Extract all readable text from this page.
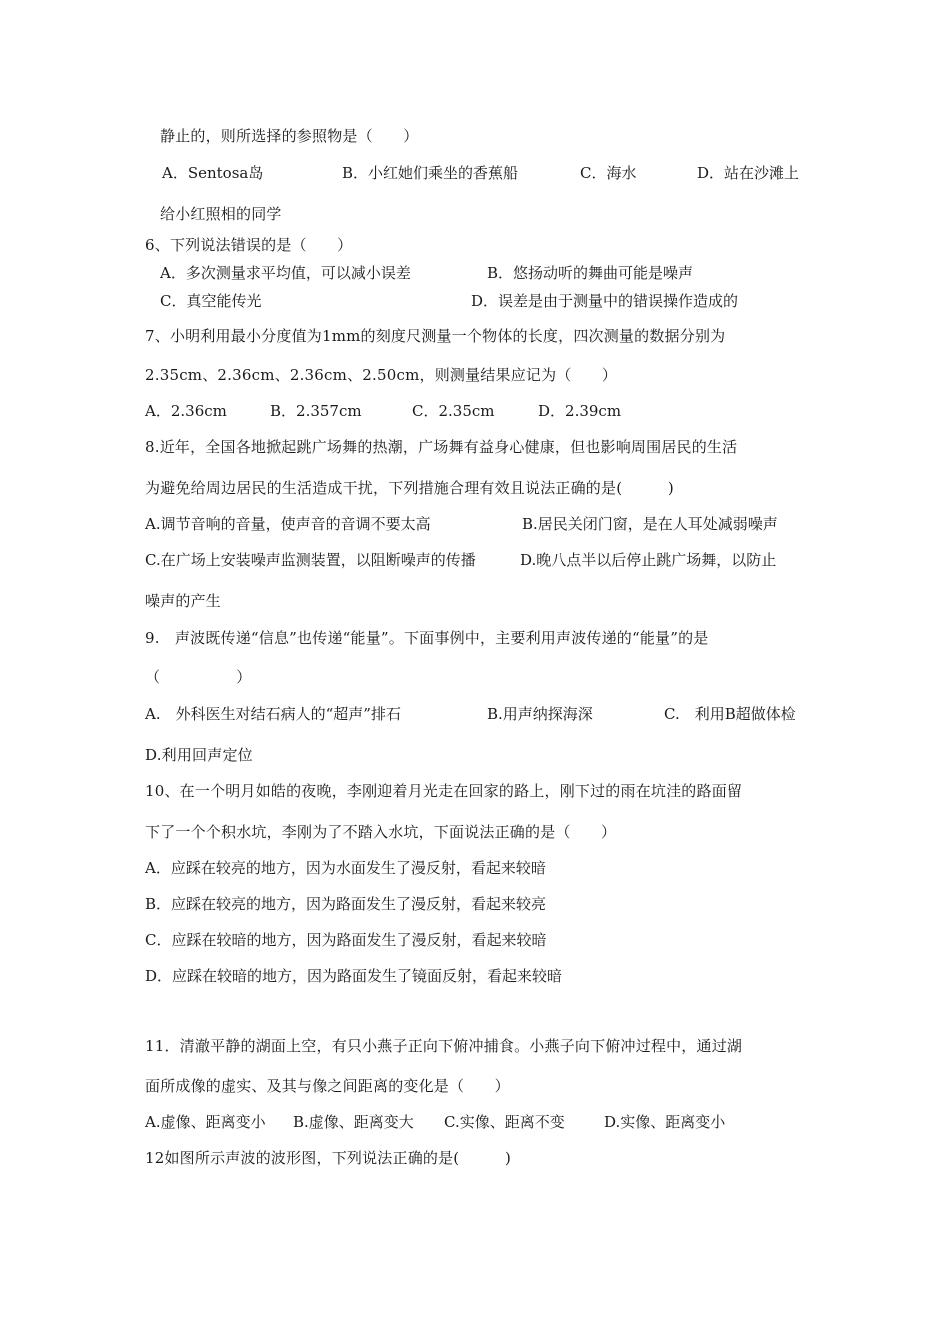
静止的，则所选择的参照物是（　　）
A．Sentosa岛	B．小红她们乘坐的香蕉船	C．海水	D．站在沙滩上
给小红照相的同学
6、下列说法错误的是（　　）
A．多次测量求平均值，可以减小误差	B．悠扬动听的舞曲可能是噪声
C．真空能传光	D．误差是由于测量中的错误操作造成的
7、小明利用最小分度值为1mm的刻度尺测量一个物体的长度，四次测量的数据分别为
2.35cm、2.36cm、2.36cm、2.50cm，则测量结果应记为（　　）
A．2.36cm	B．2.357cm	C．2.35cm	D．2.39cm
8.近年，全国各地掀起跳广场舞的热潮，广场舞有益身心健康，但也影响周围居民的生活
为避免给周边居民的生活造成干扰，下列措施合理有效且说法正确的是(　　　)
A.调节音响的音量，使声音的音调不要太高	B.居民关闭门窗，是在人耳处减弱噪声
C.在广场上安装噪声监测装置，以阻断噪声的传播	D.晚八点半以后停止跳广场舞，以防止
噪声的产生
9.　声波既传递“信息”也传递“能量”。下面事例中，主要利用声波传递的“能量”的是
（　　　　　）
A.　外科医生对结石病人的“超声”排石	B.用声纳探海深	C.　利用B超做体检
D.利用回声定位
10、在一个明月如皓的夜晚，李刚迎着月光走在回家的路上，刚下过的雨在坑洼的路面留
下了一个个积水坑，李刚为了不踏入水坑，下面说法正确的是（　　）
A．应踩在较亮的地方，因为水面发生了漫反射，看起来较暗
B．应踩在较亮的地方，因为路面发生了漫反射，看起来较亮
C．应踩在较暗的地方，因为路面发生了漫反射，看起来较暗
D．应踩在较暗的地方，因为路面发生了镜面反射，看起来较暗
11．清澈平静的湖面上空，有只小燕子正向下俯冲捕食。小燕子向下俯冲过程中，通过湖
面所成像的虚实、及其与像之间距离的变化是（　　）
A.虚像、距离变小 B.虚像、距离变大 C.实像、距离不变	D.实像、距离变小
12如图所示声波的波形图，下列说法正确的是(　　　)
